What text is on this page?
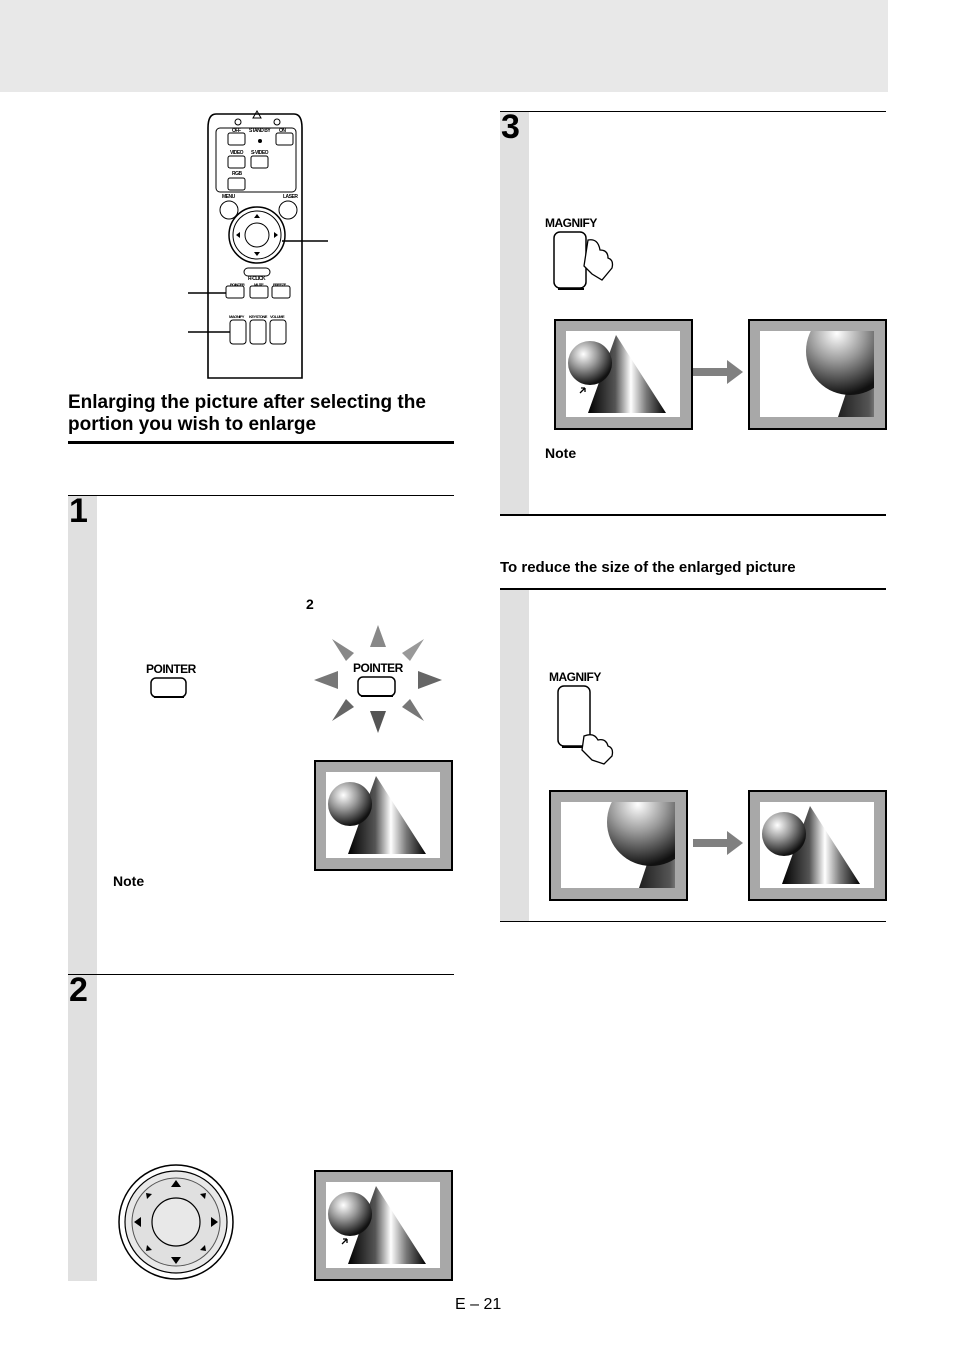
OFF STAND BY ON
VIDEO S-VIDEO
RGB
MENU	LASER
R-CLICK
POINTER MUTE FREEZE
MAGNIFY KEYSTONE VOLUME
Enlarging the picture after selecting the portion you wish to enlarge
1
2
POINTER	POINTER
Note
2
3
MAGNIFY
Note
To reduce the size of the enlarged picture
MAGNIFY
E – 21
